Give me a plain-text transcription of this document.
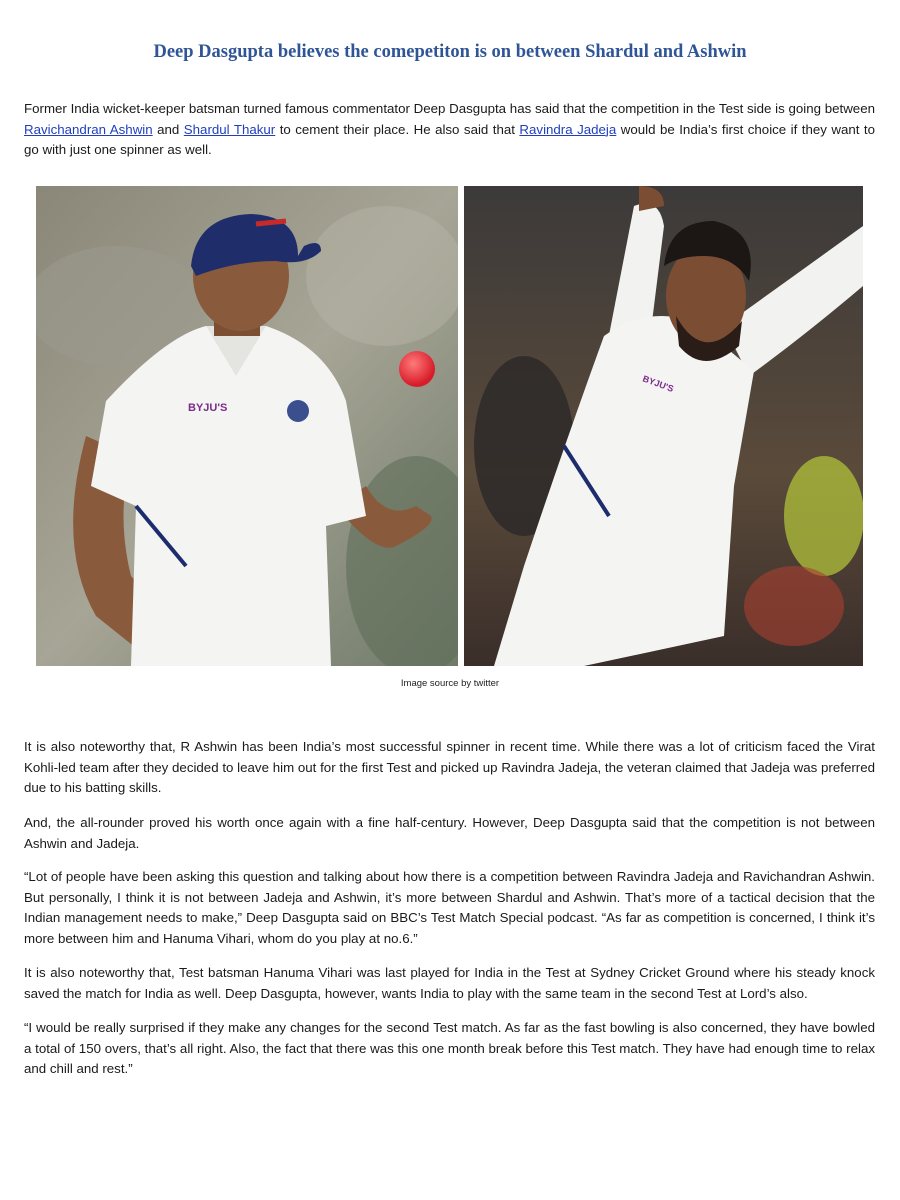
Deep Dasgupta believes the comepetiton is on between Shardul and Ashwin

Former India wicket-keeper batsman turned famous commentator Deep Dasgupta has said that the competition in the Test side is going between Ravichandran Ashwin and Shardul Thakur to cement their place. He also said that Ravindra Jadeja would be India’s first choice if they want to go with just one spinner as well.

BYJU'S
BYJU'S
Image source by twitter

It is also noteworthy that, R Ashwin has been India’s most successful spinner in recent time. While there was a lot of criticism faced the Virat Kohli-led team after they decided to leave him out for the first Test and picked up Ravindra Jadeja, the veteran claimed that Jadeja was preferred due to his batting skills.

And, the all-rounder proved his worth once again with a fine half-century. However, Deep Dasgupta said that the competition is not between Ashwin and Jadeja.

“Lot of people have been asking this question and talking about how there is a competition between Ravindra Jadeja and Ravichandran Ashwin. But personally, I think it is not between Jadeja and Ashwin, it’s more between Shardul and Ashwin. That’s more of a tactical decision that the Indian management needs to make,” Deep Dasgupta said on BBC’s Test Match Special podcast. “As far as competition is concerned, I think it’s more between him and Hanuma Vihari, whom do you play at no.6.”

It is also noteworthy that, Test batsman Hanuma Vihari was last played for India in the Test at Sydney Cricket Ground where his steady knock saved the match for India as well. Deep Dasgupta, however, wants India to play with the same team in the second Test at Lord’s also.

“I would be really surprised if they make any changes for the second Test match. As far as the fast bowling is also concerned, they have bowled a total of 150 overs, that’s all right. Also, the fact that there was this one month break before this Test match. They have had enough time to relax and chill and rest.”
